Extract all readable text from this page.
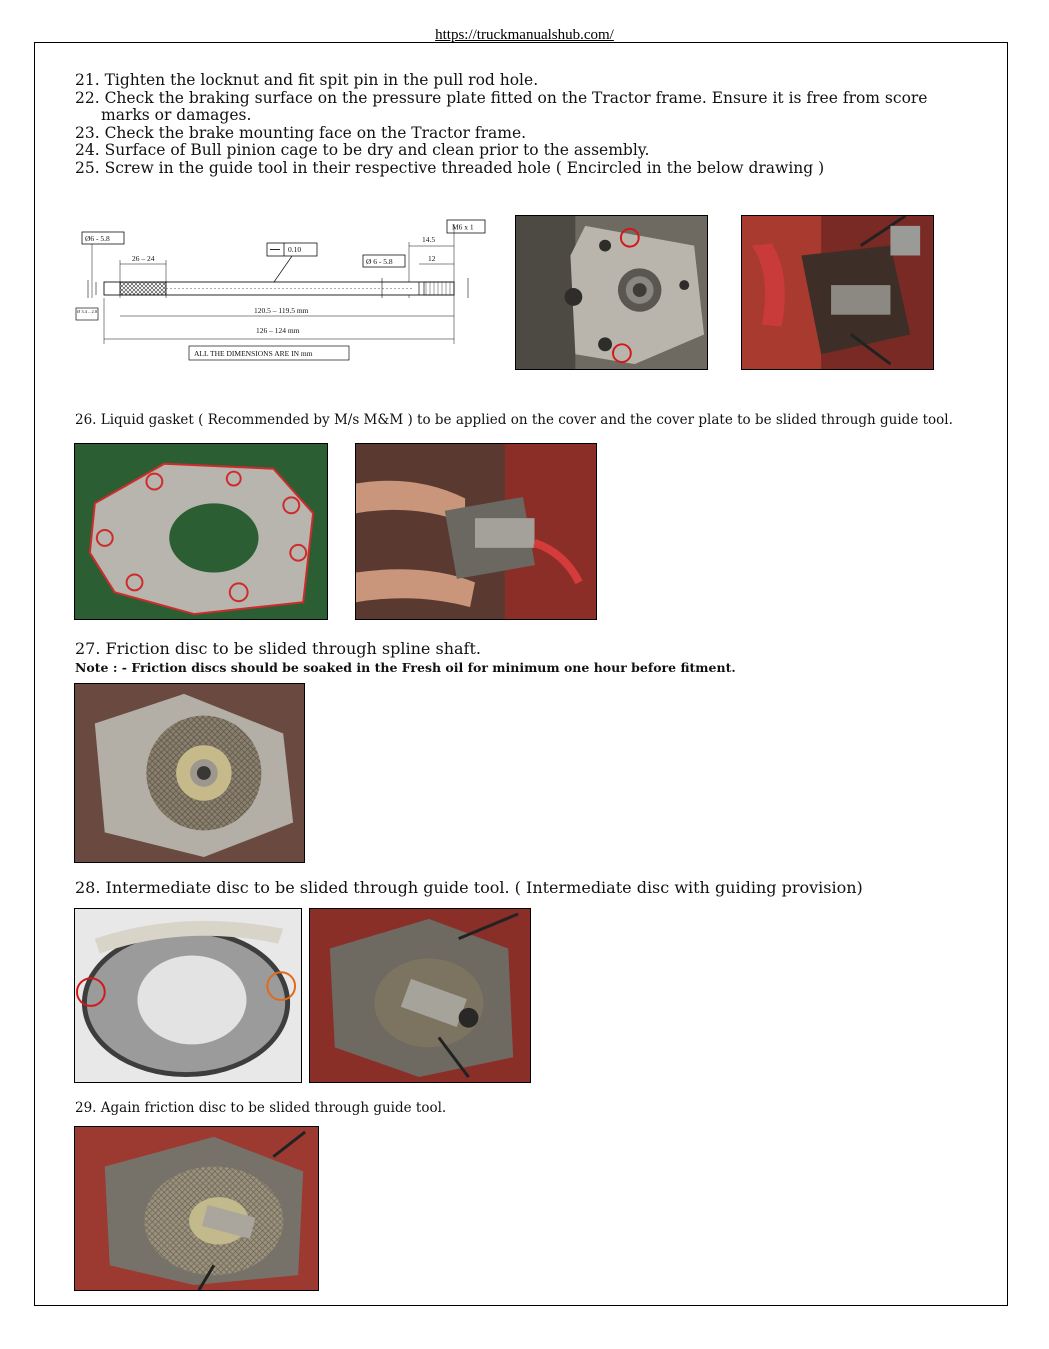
https://truckmanualshub.com/
21. Tighten the locknut and fit spit pin in the pull rod hole.
22. Check the braking surface on the pressure plate fitted on the Tractor frame. Ensure it is free from score marks or damages.
23. Check the brake mounting face on the Tractor frame.
24. Surface of Bull pinion cage to be dry and clean prior to the assembly.
25. Screw in the guide tool in their respective threaded hole ( Encircled in the below drawing )
M6 x 1
Ø6 - 5.8
0.10
Ø 6 - 5.8
14.5
12
26 – 24
Ø 3.4 – 2.8	120.5 – 119.5 mm
126 – 124 mm
ALL THE DIMENSIONS ARE IN mm

26. Liquid gasket ( Recommended by M/s M&M ) to be applied on the cover and the cover plate to be slided through guide tool.

27. Friction disc to be slided through spline shaft.

Note : - Friction discs should be soaked in the Fresh oil for minimum one hour before fitment.

28. Intermediate disc to be slided through guide tool. ( Intermediate disc with guiding provision)

29. Again friction disc to be slided through guide tool.
